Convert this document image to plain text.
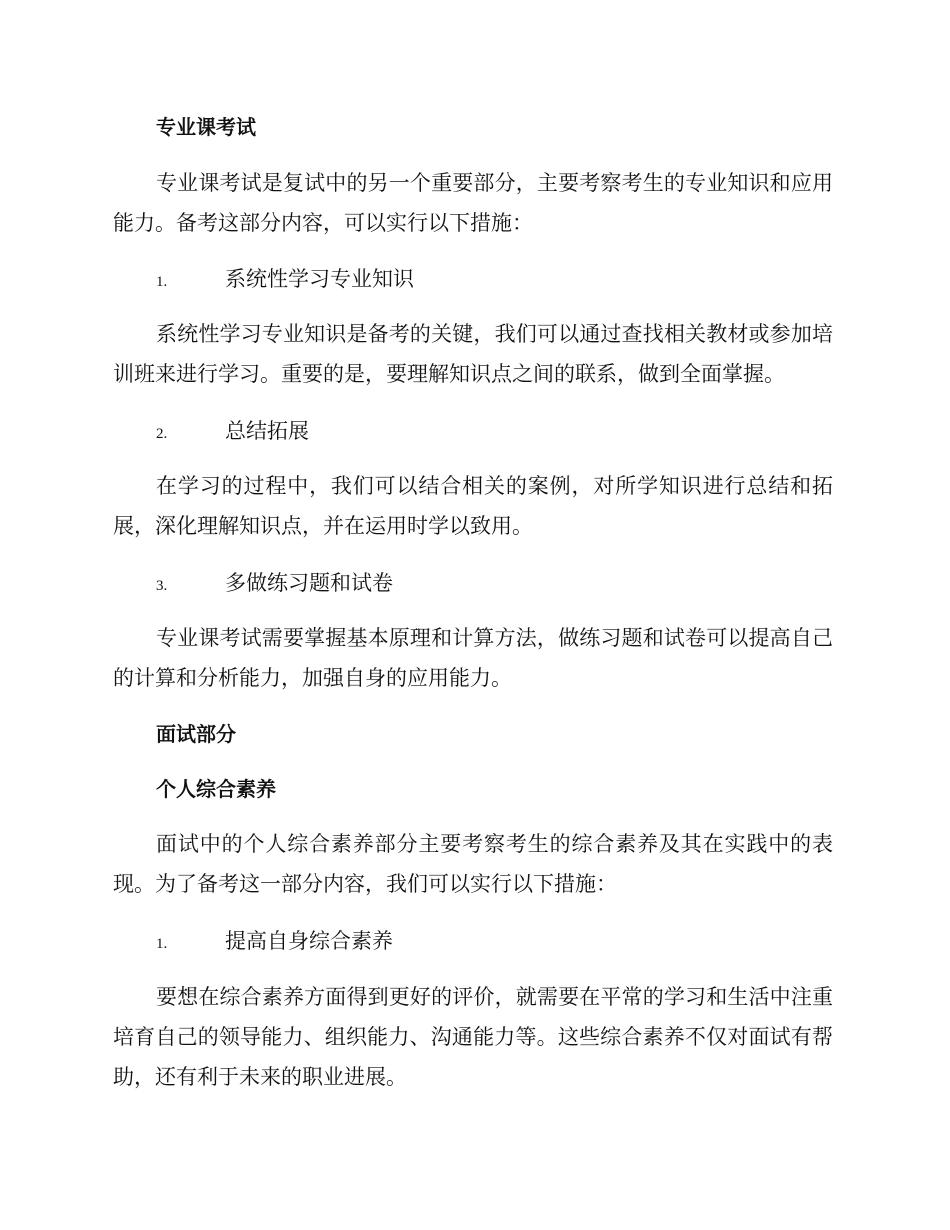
专业课考试

专业课考试是复试中的另一个重要部分，主要考察考生的专业知识和应用能力。备考这部分内容，可以实行以下措施：

1.	系统性学习专业知识

系统性学习专业知识是备考的关键，我们可以通过查找相关教材或参加培训班来进行学习。重要的是，要理解知识点之间的联系，做到全面掌握。

2.	总结拓展

在学习的过程中，我们可以结合相关的案例，对所学知识进行总结和拓展，深化理解知识点，并在运用时学以致用。

3.	多做练习题和试卷

专业课考试需要掌握基本原理和计算方法，做练习题和试卷可以提高自己的计算和分析能力，加强自身的应用能力。

面试部分

个人综合素养

面试中的个人综合素养部分主要考察考生的综合素养及其在实践中的表现。为了备考这一部分内容，我们可以实行以下措施：

1.	提高自身综合素养

要想在综合素养方面得到更好的评价，就需要在平常的学习和生活中注重培育自己的领导能力、组织能力、沟通能力等。这些综合素养不仅对面试有帮助，还有利于未来的职业进展。
